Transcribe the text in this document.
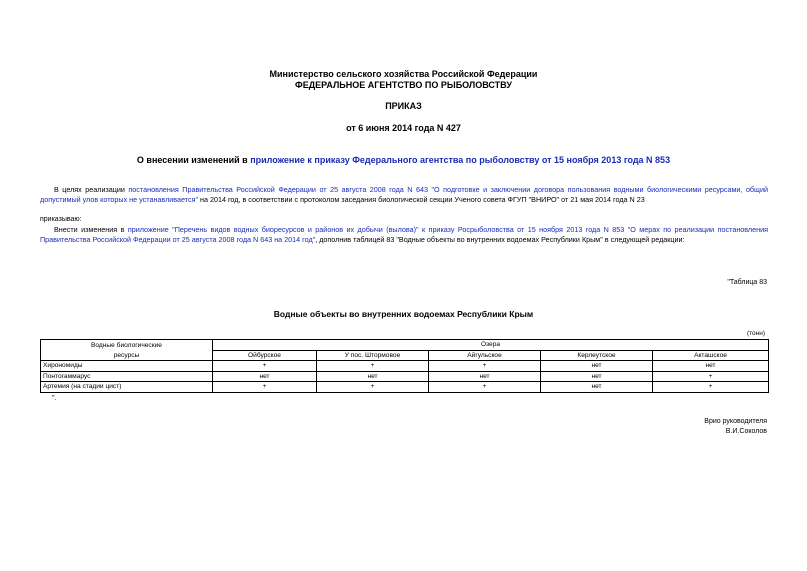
Министерство сельского хозяйства Российской Федерации
ФЕДЕРАЛЬНОЕ АГЕНТСТВО ПО РЫБОЛОВСТВУ
ПРИКАЗ
от 6 июня 2014 года N 427
О внесении изменений в приложение к приказу Федерального агентства по рыболовству от 15 ноября 2013 года N 853
В целях реализации постановления Правительства Российской Федерации от 25 августа 2008 года N 643 "О подготовке и заключении договора пользования водными биологическими ресурсами, общий допустимый улов которых не устанавливается" на 2014 год, в соответствии с протоколом заседания биологической секции Ученого совета ФГУП "ВНИРО" от 21 мая 2014 года N 23
приказываю:
Внести изменения в приложение "Перечень видов водных биоресурсов и районов их добычи (вылова)" к приказу Росрыболовства от 15 ноября 2013 года N 853 "О мерах по реализации постановления Правительства Российской Федерации от 25 августа 2008 года N 643 на 2014 год", дополнив таблицей 83 "Водные объекты во внутренних водоемах Республики Крым" в следующей редакции:
"Таблица 83
Водные объекты во внутренних водоемах Республики Крым
(тонн)
Водные биологические	Озера				
ресурсы	Ойбурское	У пос. Штормовое	Айгульское	Керлеутское	Акташское
Хирономиды	+	+	+	нет	нет
Понтогаммарус	нет	нет	нет	нет	+
Артемия (на стадии цист)	+	+	+	нет	+
".
Врио руководителя
В.И.Соколов
